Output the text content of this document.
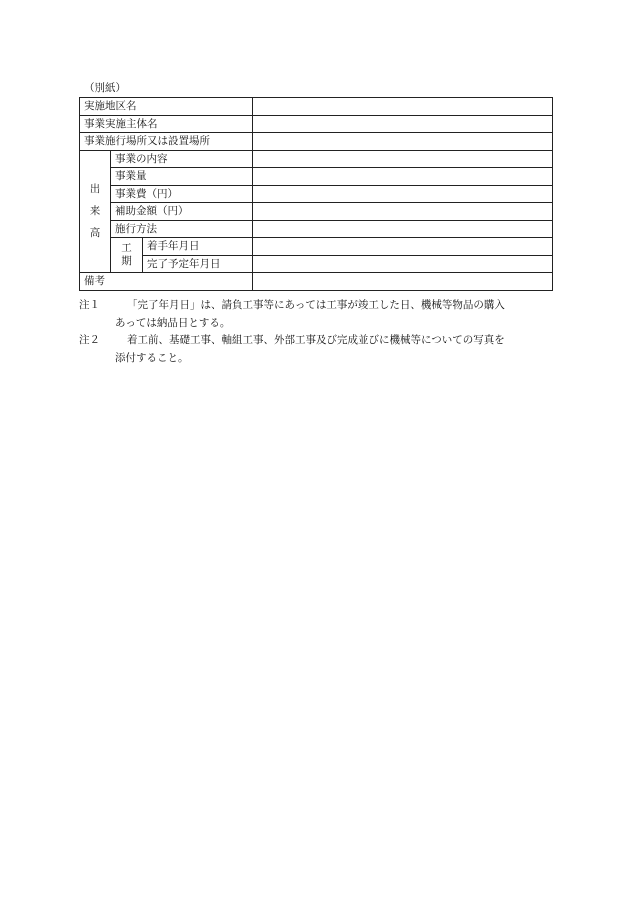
（別紙）
実施地区名			
事業実施主体名			
事業施行場所又は設置場所			
出来高	事業の内容		
	事業量		
	事業費（円）		
	補助金額（円）		
	施行方法		
	工期	着手年月日	
		完了予定年月日	
備考			
注１	「完了年月日」は、請負工事等にあっては工事が竣工した日、機械等物品の購入
あっては納品日とする。
注２	着工前、基礎工事、軸組工事、外部工事及び完成並びに機械等についての写真を
添付すること。
